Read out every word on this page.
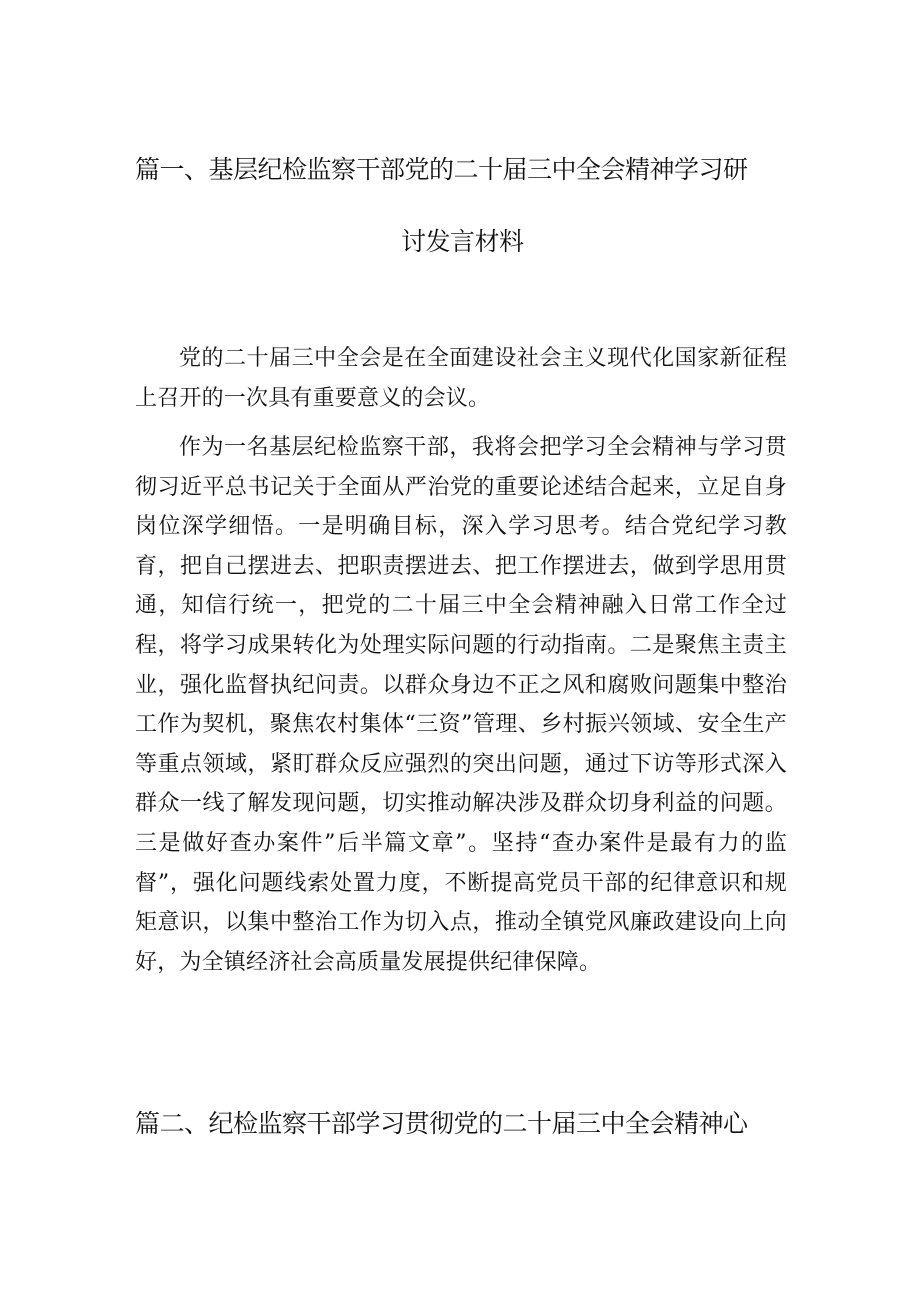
篇一、基层纪检监察干部党的二十届三中全会精神学习研
讨发言材料

党的二十届三中全会是在全面建设社会主义现代化国家新征程上召开的一次具有重要意义的会议。

作为一名基层纪检监察干部，我将会把学习全会精神与学习贯彻习近平总书记关于全面从严治党的重要论述结合起来，立足自身岗位深学细悟。一是明确目标，深入学习思考。结合党纪学习教育，把自己摆进去、把职责摆进去、把工作摆进去，做到学思用贯通，知信行统一，把党的二十届三中全会精神融入日常工作全过程，将学习成果转化为处理实际问题的行动指南。二是聚焦主责主业，强化监督执纪问责。以群众身边不正之风和腐败问题集中整治工作为契机，聚焦农村集体“三资”管理、乡村振兴领域、安全生产等重点领域，紧盯群众反应强烈的突出问题，通过下访等形式深入群众一线了解发现问题，切实推动解决涉及群众切身利益的问题。三是做好查办案件”后半篇文章”。坚持“查办案件是最有力的监督”，强化问题线索处置力度，不断提高党员干部的纪律意识和规矩意识，以集中整治工作为切入点，推动全镇党风廉政建设向上向好，为全镇经济社会高质量发展提供纪律保障。

篇二、纪检监察干部学习贯彻党的二十届三中全会精神心
